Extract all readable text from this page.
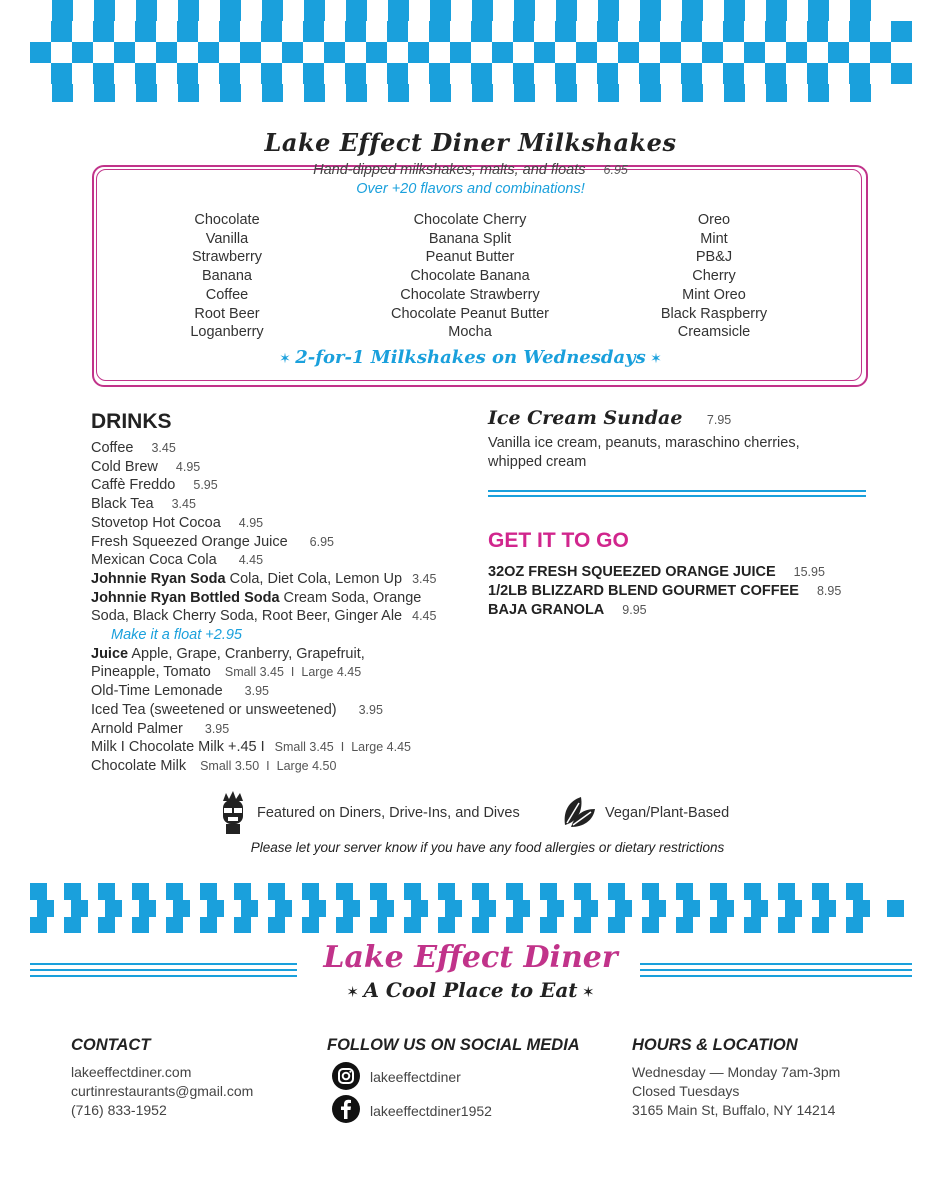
Lake Effect Diner Milkshakes
Hand-dipped milkshakes, malts, and floats 6.95
Over +20 flavors and combinations!
Chocolate
Vanilla
Strawberry
Banana
Coffee
Root Beer
Loganberry
Chocolate Cherry
Banana Split
Peanut Butter
Chocolate Banana
Chocolate Strawberry
Chocolate Peanut Butter
Mocha
Oreo
Mint
PB&J
Cherry
Mint Oreo
Black Raspberry
Creamsicle
✶ 2-for-1 Milkshakes on Wednesdays ✶
DRINKS
Coffee 3.45
Cold Brew 4.95
Caffè Freddo 5.95
Black Tea 3.45
Stovetop Hot Cocoa 4.95
Fresh Squeezed Orange Juice 6.95
Mexican Coca Cola 4.45
Johnnie Ryan Soda Cola, Diet Cola, Lemon Up 3.45
Johnnie Ryan Bottled Soda Cream Soda, Orange
Soda, Black Cherry Soda, Root Beer, Ginger Ale 4.45
Make it a float +2.95
Juice Apple, Grape, Cranberry, Grapefruit,
Pineapple, Tomato Small 3.45 I Large 4.45
Old-Time Lemonade 3.95
Iced Tea (sweetened or unsweetened) 3.95
Arnold Palmer 3.95
Milk I Chocolate Milk +.45 I Small 3.45 I Large 4.45
Chocolate Milk Small 3.50 I Large 4.50
Ice Cream Sundae 7.95
Vanilla ice cream, peanuts, maraschino cherries,
whipped cream
GET IT TO GO
32OZ FRESH SQUEEZED ORANGE JUICE 15.95
1/2LB BLIZZARD BLEND GOURMET COFFEE 8.95
BAJA GRANOLA 9.95
Featured on Diners, Drive-Ins, and Dives	Vegan/Plant-Based
Please let your server know if you have any food allergies or dietary restrictions
Lake Effect Diner
✶ A Cool Place to Eat ✶
CONTACT
lakeeffectdiner.com
curtinrestaurants@gmail.com
(716) 833-1952
FOLLOW US ON SOCIAL MEDIA
lakeeffectdiner
lakeeffectdiner1952
HOURS & LOCATION
Wednesday — Monday 7am-3pm
Closed Tuesdays
3165 Main St, Buffalo, NY 14214
